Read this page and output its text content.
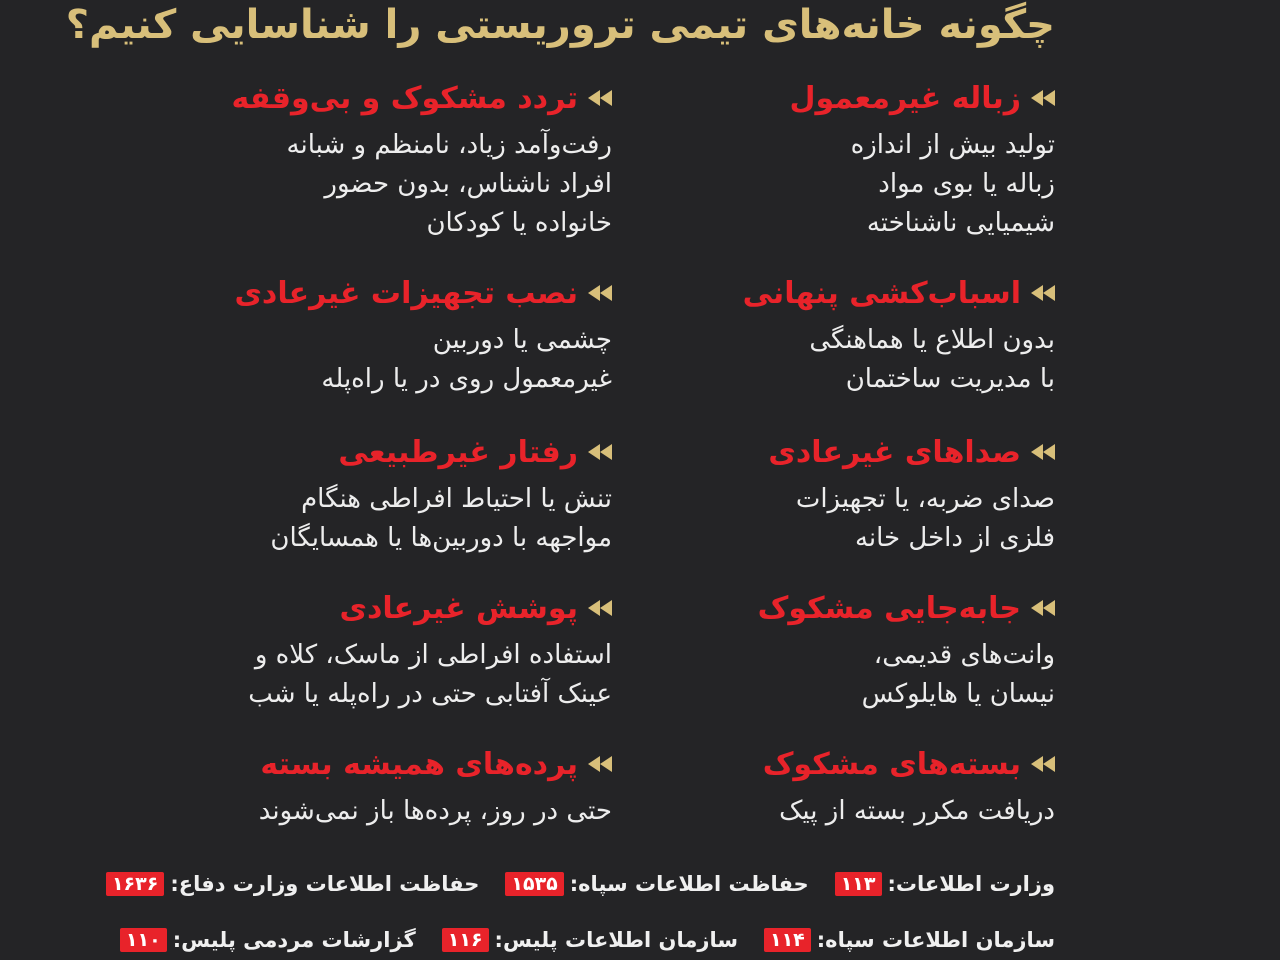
چگونه خانه‌های تیمی تروریستی را شناسایی کنیم؟
زباله غیرمعمول
تولید بیش از اندازه
زباله یا بوی مواد
شیمیایی ناشناخته
تردد مشکوک و بی‌وقفه
رفت‌وآمد زیاد، نامنظم و شبانه
افراد ناشناس، بدون حضور
خانواده یا کودکان
اسباب‌کشی پنهانی
بدون اطلاع یا هماهنگی
با مدیریت ساختمان
نصب تجهیزات غیرعادی
چشمی یا دوربین
غیرمعمول روی در یا راه‌پله
صداهای غیرعادی
صدای ضربه، یا تجهیزات
فلزی از داخل خانه
رفتار غیرطبیعی
تنش یا احتیاط افراطی هنگام
مواجهه با دوربین‌ها یا همسایگان
جابه‌جایی مشکوک
وانت‌های قدیمی،
نیسان یا هایلوکس
پوشش غیرعادی
استفاده افراطی از ماسک، کلاه و
عینک آفتابی حتی در راه‌پله یا شب
بسته‌های مشکوک
دریافت مکرر بسته از پیک
پرده‌های همیشه بسته
حتی در روز، پرده‌ها باز نمی‌شوند
وزارت اطلاعات:
۱۱۳
حفاظت اطلاعات سپاه:
۱۵۳۵
حفاظت اطلاعات وزارت دفاع:
۱۶۳۶
سازمان اطلاعات سپاه:
۱۱۴
سازمان اطلاعات پلیس:
۱۱۶
گزارشات مردمی پلیس:
۱۱۰
